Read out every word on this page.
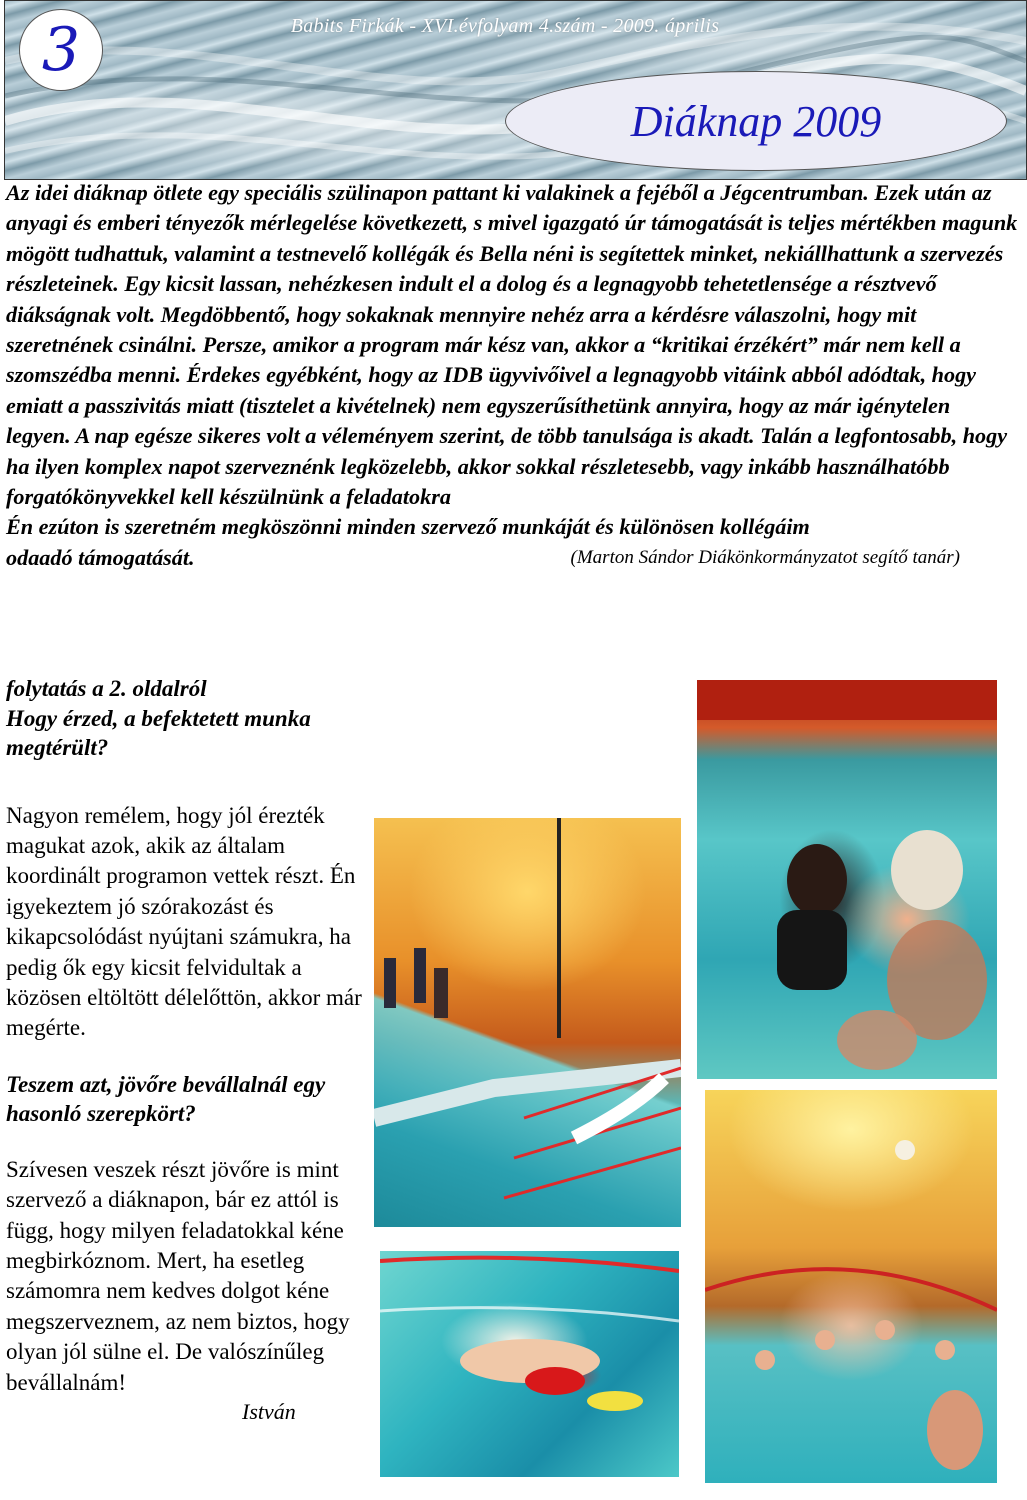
3	Babits Firkák - XVI.évfolyam 4.szám - 2009. április
Diáknap 2009

Az idei diáknap ötlete egy speciális szülinapon pattant ki valakinek a fejéből a Jégcentrumban. Ezek után az anyagi és emberi tényezők mérlegelése következett, s mivel igazgató úr támogatását is teljes mértékben magunk mögött tudhattuk, valamint a testnevelő kollégák és Bella néni is segítettek minket, nekiállhattunk a szervezés részleteinek. Egy kicsit lassan, nehézkesen indult el a dolog és a legnagyobb tehetetlensége a résztvevő diákságnak volt. Megdöbbentő, hogy sokaknak mennyire nehéz arra a kérdésre válaszolni, hogy mit szeretnének csinálni. Persze, amikor a program már kész van, akkor a “kritikai érzékért” már nem kell a szomszédba menni. Érdekes egyébként, hogy az IDB ügyvivőivel a legnagyobb vitáink abból adódtak, hogy emiatt a passzivitás miatt (tisztelet a kivételnek) nem egyszerűsíthetünk annyira, hogy az már igénytelen legyen. A nap egésze sikeres volt a véleményem szerint, de több tanulsága is akadt. Talán a legfontosabb, hogy ha ilyen komplex napot szerveznénk legközelebb, akkor sokkal részletesebb, vagy inkább használhatóbb forgatókönyvekkel kell készülnünk a feladatokra

Én ezúton is szeretném megköszönni minden szervező munkáját és különösen kollégáim

odaadó támogatását.	(Marton Sándor Diákönkormányzatot segítő tanár)

folytatás a 2. oldalról

Hogy érzed, a befektetett munka megtérült?

Nagyon remélem, hogy jól érezték magukat azok, akik az általam koordinált programon vettek részt. Én igyekeztem jó szórakozást és kikapcsolódást nyújtani számukra, ha pedig ők egy kicsit felvidultak a közösen eltöltött délelőttön, akkor már megérte.

Teszem azt, jövőre bevállalnál egy hasonló szerepkört?

Szívesen veszek részt jövőre is mint szervező a diáknapon, bár ez attól is függ, hogy milyen feladatokkal kéne megbirkóznom. Mert, ha esetleg számomra nem kedves dolgot kéne megszerveznem, az nem biztos, hogy olyan jól sülne el. De valószínűleg bevállalnám!

István
